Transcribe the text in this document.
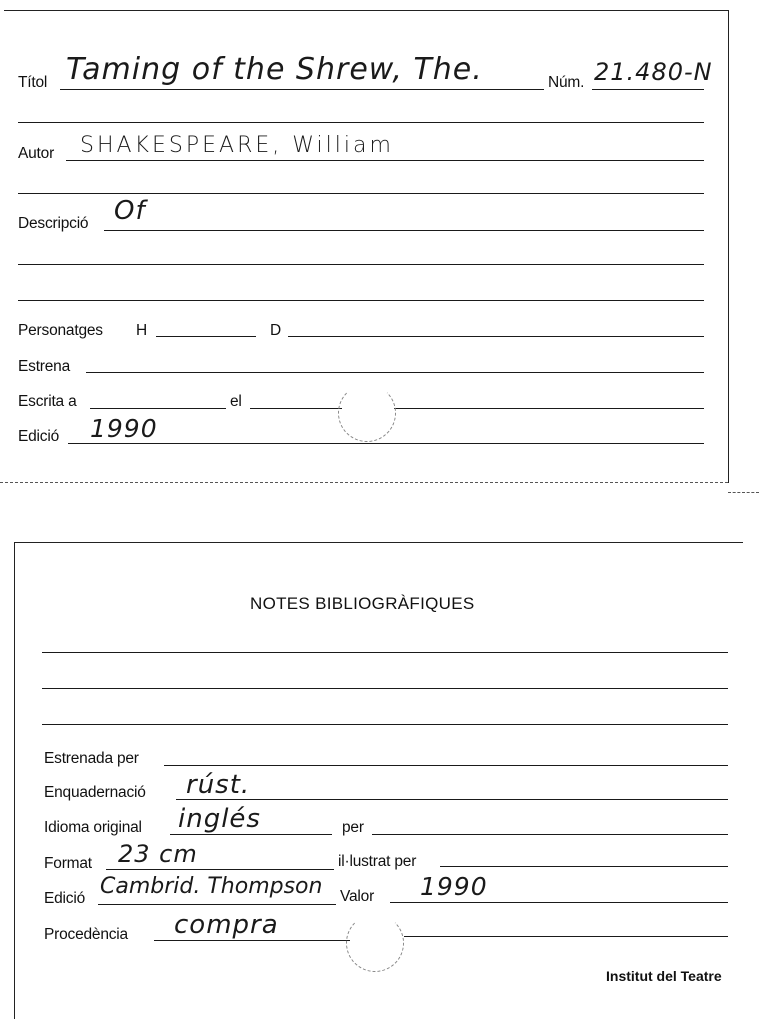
Títol Taming of the Shrew, The.	Núm. 21.480-N
Autor SHAKESPEARE, William
Descripció Of
Personatges H	D
Estrena
Escrita a	el
Edició 1990
NOTES BIBLIOGRÀFIQUES
Estrenada per
Enquadernació rúst.
Idioma original inglés	per
Format 23 cm	il·lustrat per
Edició Cambrid. Thompson Valor 1990
Procedència compra
Institut del Teatre
